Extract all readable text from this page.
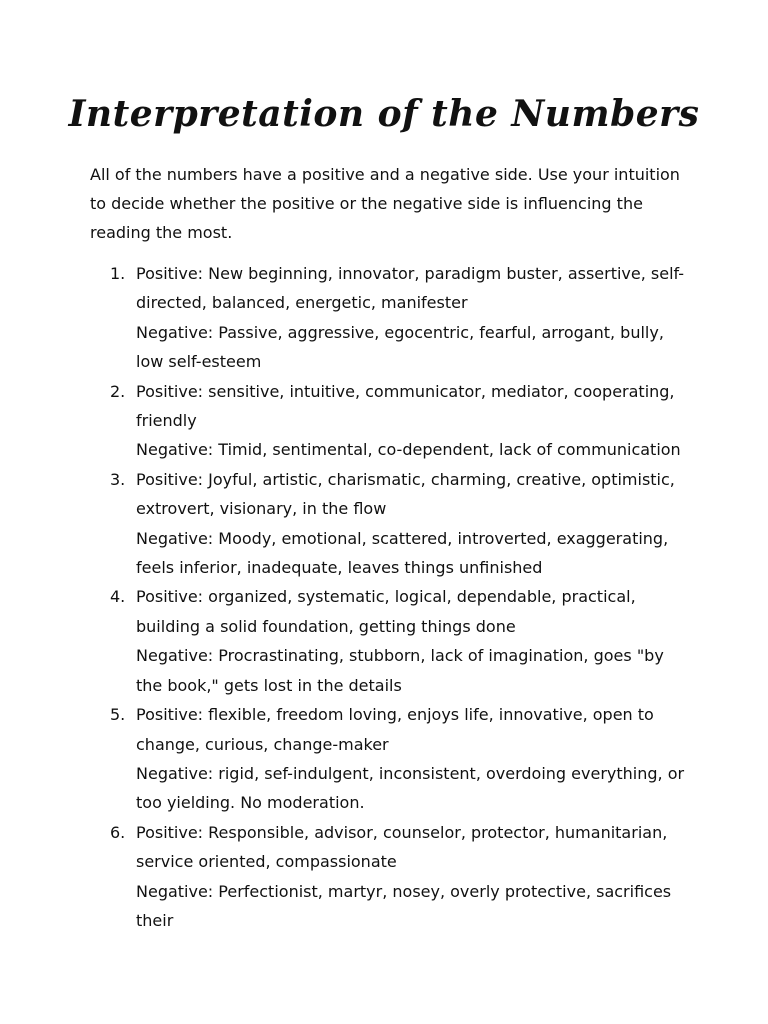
Interpretation of the Numbers

All of the numbers have a positive and a negative side. Use your intuition to decide whether the positive or the negative side is influencing the reading the most.

1. Positive: New beginning, innovator, paradigm buster, assertive, self-directed, balanced, energetic, manifester
Negative: Passive, aggressive, egocentric, fearful, arrogant, bully, low self-esteem
2. Positive: sensitive, intuitive, communicator, mediator, cooperating, friendly
Negative: Timid, sentimental, co-dependent, lack of communication
3. Positive: Joyful, artistic, charismatic, charming, creative, optimistic, extrovert, visionary, in the flow
Negative: Moody, emotional, scattered, introverted, exaggerating, feels inferior, inadequate, leaves things unfinished
4. Positive: organized, systematic, logical, dependable, practical, building a solid foundation, getting things done
Negative: Procrastinating, stubborn, lack of imagination, goes "by the book," gets lost in the details
5. Positive: flexible, freedom loving, enjoys life, innovative, open to change, curious, change-maker
Negative: rigid, sef-indulgent, inconsistent, overdoing everything, or too yielding. No moderation.
6. Positive: Responsible, advisor, counselor, protector, humanitarian, service oriented, compassionate
Negative: Perfectionist, martyr, nosey, overly protective, sacrifices their
